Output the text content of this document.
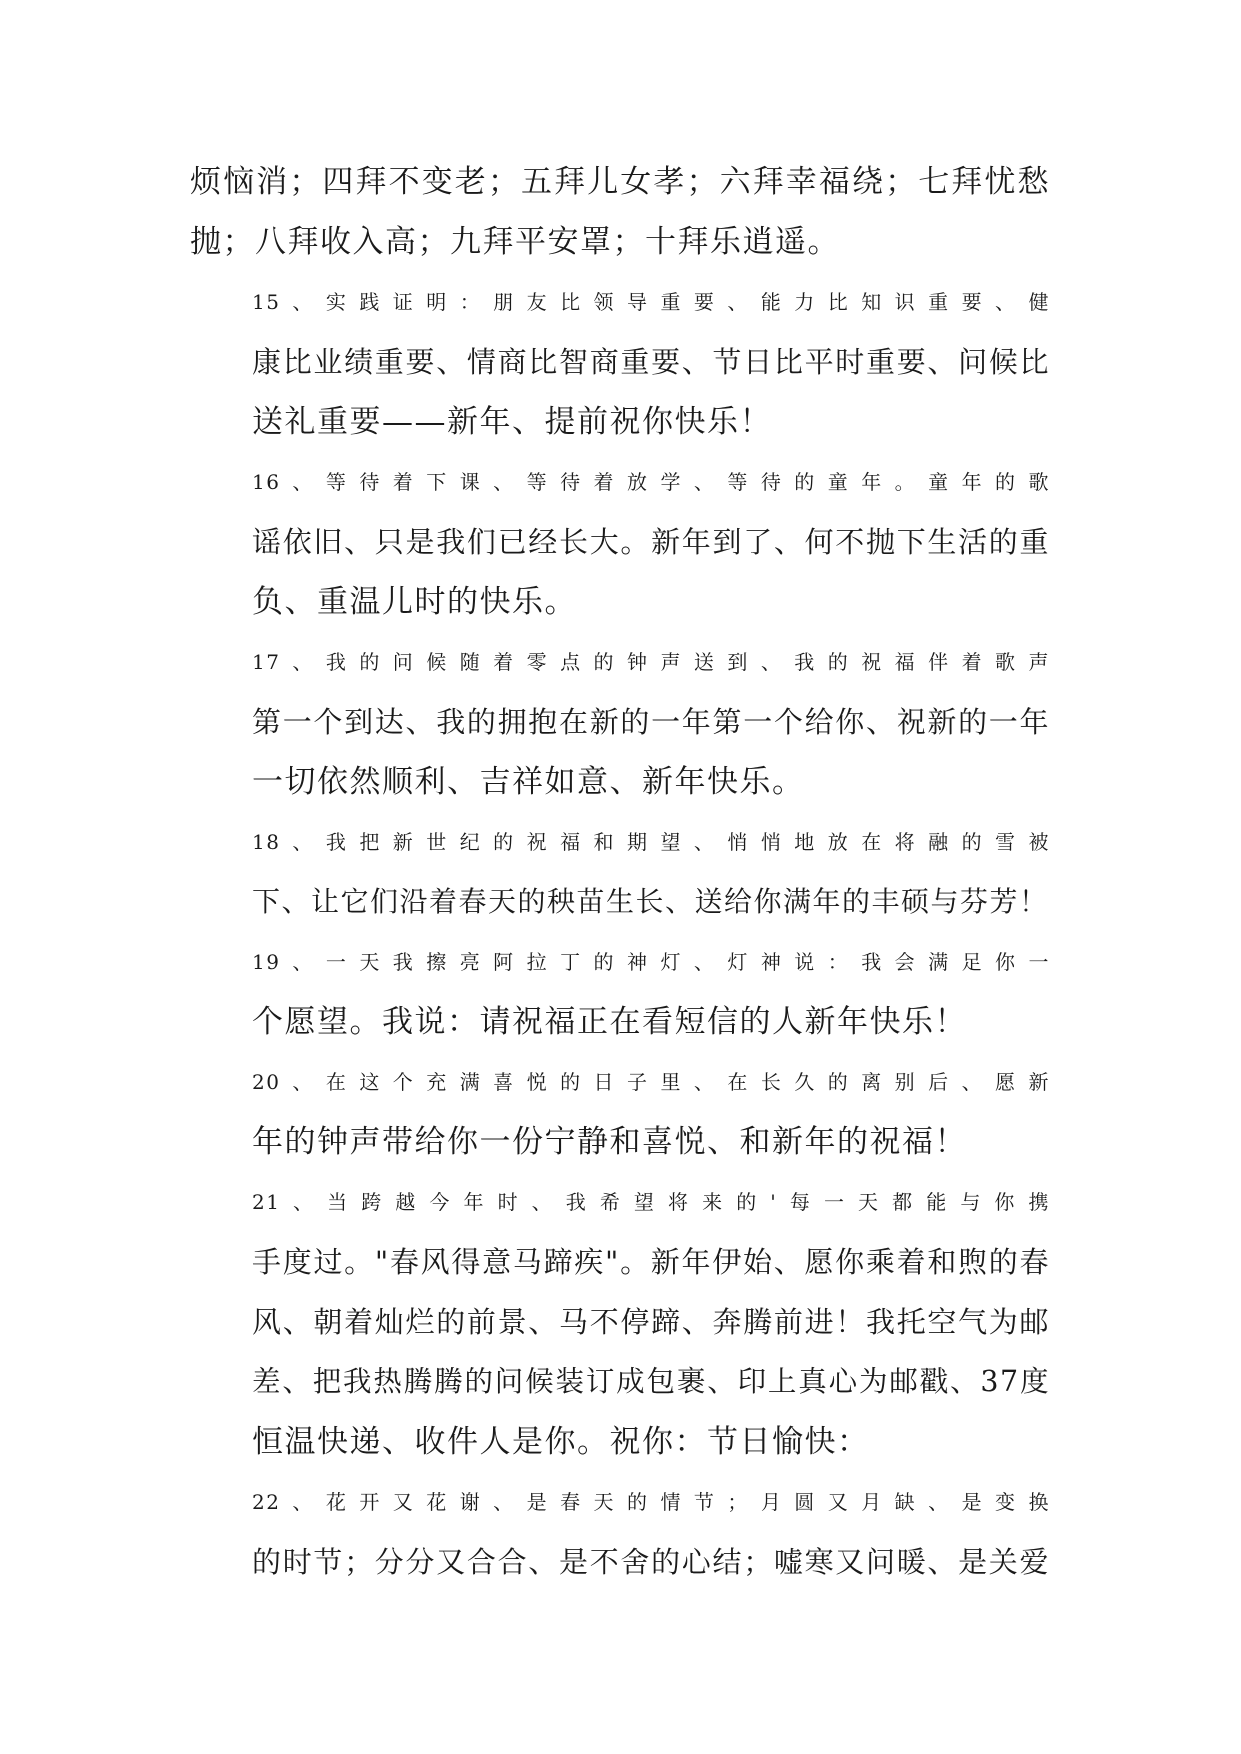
烦恼消；四拜不变老；五拜儿女孝；六拜幸福绕；七拜忧愁
抛；八拜收入高；九拜平安罩；十拜乐逍遥。
15、实践证明：朋友比领导重要、能力比知识重要、健
康比业绩重要、情商比智商重要、节日比平时重要、问候比
送礼重要——新年、提前祝你快乐！
16、等待着下课、等待着放学、等待的童年。童年的歌
谣依旧、只是我们已经长大。新年到了、何不抛下生活的重
负、重温儿时的快乐。
17、我的问候随着零点的钟声送到、我的祝福伴着歌声
第一个到达、我的拥抱在新的一年第一个给你、祝新的一年
一切依然顺利、吉祥如意、新年快乐。
18、我把新世纪的祝福和期望、悄悄地放在将融的雪被
下、让它们沿着春天的秧苗生长、送给你满年的丰硕与芬芳！
19、一天我擦亮阿拉丁的神灯、灯神说：我会满足你一
个愿望。我说：请祝福正在看短信的人新年快乐！
20、在这个充满喜悦的日子里、在长久的离别后、愿新
年的钟声带给你一份宁静和喜悦、和新年的祝福！
21、当跨越今年时、我希望将来的'每一天都能与你携
手度过。"春风得意马蹄疾"。新年伊始、愿你乘着和煦的春
风、朝着灿烂的前景、马不停蹄、奔腾前进！我托空气为邮
差、把我热腾腾的问候装订成包裹、印上真心为邮戳、37度
恒温快递、收件人是你。祝你：节日愉快：
22、花开又花谢、是春天的情节；月圆又月缺、是变换
的时节；分分又合合、是不舍的心结；嘘寒又问暖、是关爱
